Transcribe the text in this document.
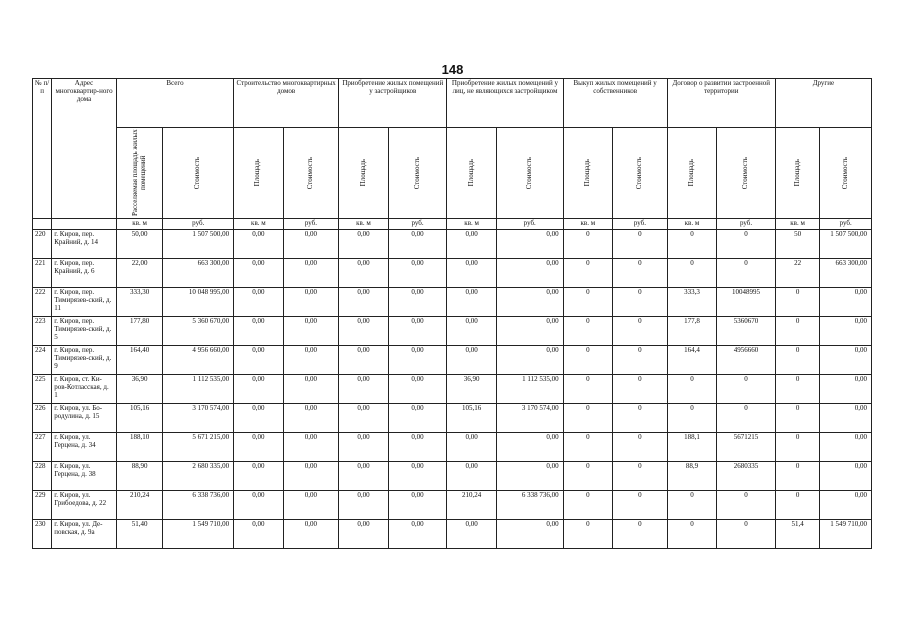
148
№ п/п	Адрес многоквартир-ного дома	Всего		Строительство многоквартирных домов		Приобретение жилых помещений у застройщиков		Приобретение жилых помещений у лиц, не являющихся застройщиком		Выкуп жилых помещений у собственников		Договор о развитии застроенной территории		Другие	

		Расселяемая площадь жилых помещений	Стоимость	Площадь	Стоимость	Площадь	Стоимость	Площадь	Стоимость	Площадь	Стоимость	Площадь	Стоимость	Площадь	Стоимость

		кв. м	руб.	кв. м	руб.	кв. м	руб.	кв. м	руб.	кв. м	руб.	кв. м	руб.	кв. м	руб.
220	г. Киров, пер. Крайний, д. 14	50,00	1 507 500,00	0,00	0,00	0,00	0,00	0,00	0,00	0	0	0	0	50	1 507 500,00
221	г. Киров, пер. Крайний, д. 6	22,00	663 300,00	0,00	0,00	0,00	0,00	0,00	0,00	0	0	0	0	22	663 300,00
222	г. Киров, пер. Тимирязев-ский, д. 11	333,30	10 048 995,00	0,00	0,00	0,00	0,00	0,00	0,00	0	0	333,3	10048995	0	0,00
223	г. Киров, пер. Тимирязев-ский, д. 5	177,80	5 360 670,00	0,00	0,00	0,00	0,00	0,00	0,00	0	0	177,8	5360670	0	0,00
224	г. Киров, пер. Тимирязев-ский, д. 9	164,40	4 956 660,00	0,00	0,00	0,00	0,00	0,00	0,00	0	0	164,4	4956660	0	0,00
225	г. Киров, ст. Ки-ров-Котласская, д. 1	36,90	1 112 535,00	0,00	0,00	0,00	0,00	36,90	1 112 535,00	0	0	0	0	0	0,00
226	г. Киров, ул. Бо-родулина, д. 15	105,16	3 170 574,00	0,00	0,00	0,00	0,00	105,16	3 170 574,00	0	0	0	0	0	0,00
227	г. Киров, ул. Герцена, д. 34	188,10	5 671 215,00	0,00	0,00	0,00	0,00	0,00	0,00	0	0	188,1	5671215	0	0,00
228	г. Киров, ул. Герцена, д. 38	88,90	2 680 335,00	0,00	0,00	0,00	0,00	0,00	0,00	0	0	88,9	2680335	0	0,00
229	г. Киров, ул. Грибоедова, д. 22	210,24	6 338 736,00	0,00	0,00	0,00	0,00	210,24	6 338 736,00	0	0	0	0	0	0,00
230	г. Киров, ул. Де-повская, д. 9а	51,40	1 549 710,00	0,00	0,00	0,00	0,00	0,00	0,00	0	0	0	0	51,4	1 549 710,00
